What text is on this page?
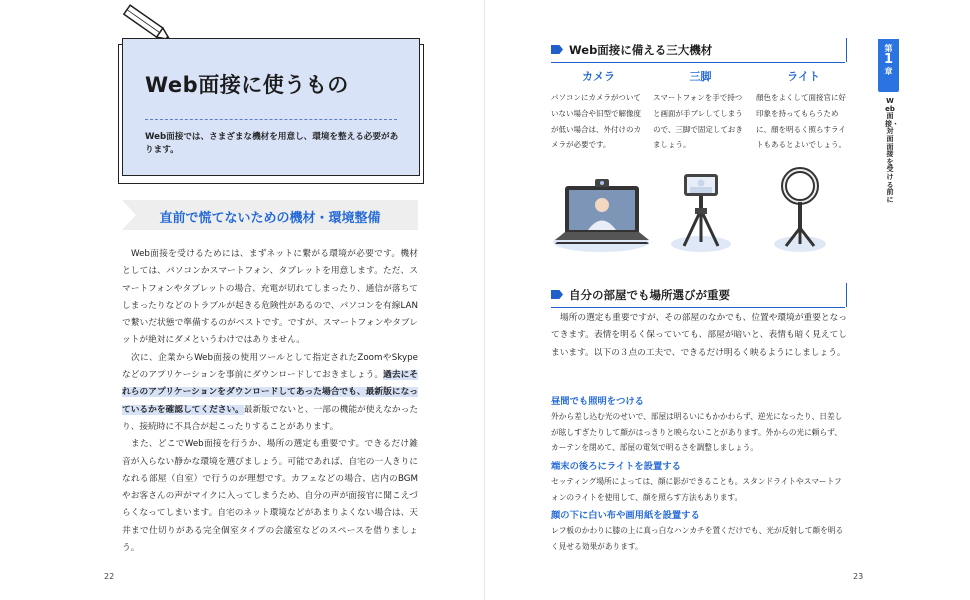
Web面接に使うもの
Web面接では、さまざまな機材を用意し、環境を整える必要があります。
直前で慌てないための機材・環境整備

Web面接を受けるためには、まずネットに繋がる環境が必要です。機材としては、パソコンかスマートフォン、タブレットを用意します。ただ、スマートフォンやタブレットの場合、充電が切れてしまったり、通信が落ちてしまったりなどのトラブルが起きる危険性があるので、パソコンを有線LANで繋いだ状態で準備するのがベストです。ですが、スマートフォンやタブレットが絶対にダメというわけではありません。

次に、企業からWeb面接の使用ツールとして指定されたZoomやSkypeなどのアプリケーションを事前にダウンロードしておきましょう。過去にそれらのアプリケーションをダウンロードしてあった場合でも、最新版になっているかを確認してください。最新版でないと、一部の機能が使えなかったり、接続時に不具合が起こったりすることがあります。

また、どこでWeb面接を行うか、場所の選定も重要です。できるだけ雑音が入らない静かな環境を選びましょう。可能であれば、自宅の一人きりになれる部屋（自室）で行うのが理想です。カフェなどの場合、店内のBGMやお客さんの声がマイクに入ってしまうため、自分の声が面接官に聞こえづらくなってしまいます。自宅のネット環境などがあまりよくない場合は、天井まで仕切りがある完全個室タイプの会議室などのスペースを借りましょう。

22
Web面接に備える三大機材
カメラ
パソコンにカメラがついていない場合や旧型で解像度が低い場合は、外付けのカメラが必要です。
三脚
スマートフォンを手で持つと画面が手ブレしてしまうので、三脚で固定しておきましょう。
ライト
顔色をよくして面接官に好印象を持ってもらうために、顔を明るく照らすライトもあるとよいでしょう。
自分の部屋でも場所選びが重要

場所の選定も重要ですが、その部屋のなかでも、位置や環境が重要となってきます。表情を明るく保っていても、部屋が暗いと、表情も暗く見えてしまいます。以下の３点の工夫で、できるだけ明るく映るようにしましょう。

昼間でも照明をつける
外から差し込む光のせいで、部屋は明るいにもかかわらず、逆光になったり、日差しが眩しすぎたりして顔がはっきりと映らないことがあります。外からの光に頼らず、カーテンを閉めて、部屋の電気で明るさを調整しましょう。
端末の後ろにライトを設置する
セッティング場所によっては、顔に影ができることも。スタンドライトやスマートフォンのライトを使用して、顔を照らす方法もあります。
顔の下に白い布や画用紙を設置する
レフ板のかわりに膝の上に真っ白なハンカチを置くだけでも、光が反射して顔を明るく見せる効果があります。
第
1
章
Web面接・対面面接を受ける前に
23
